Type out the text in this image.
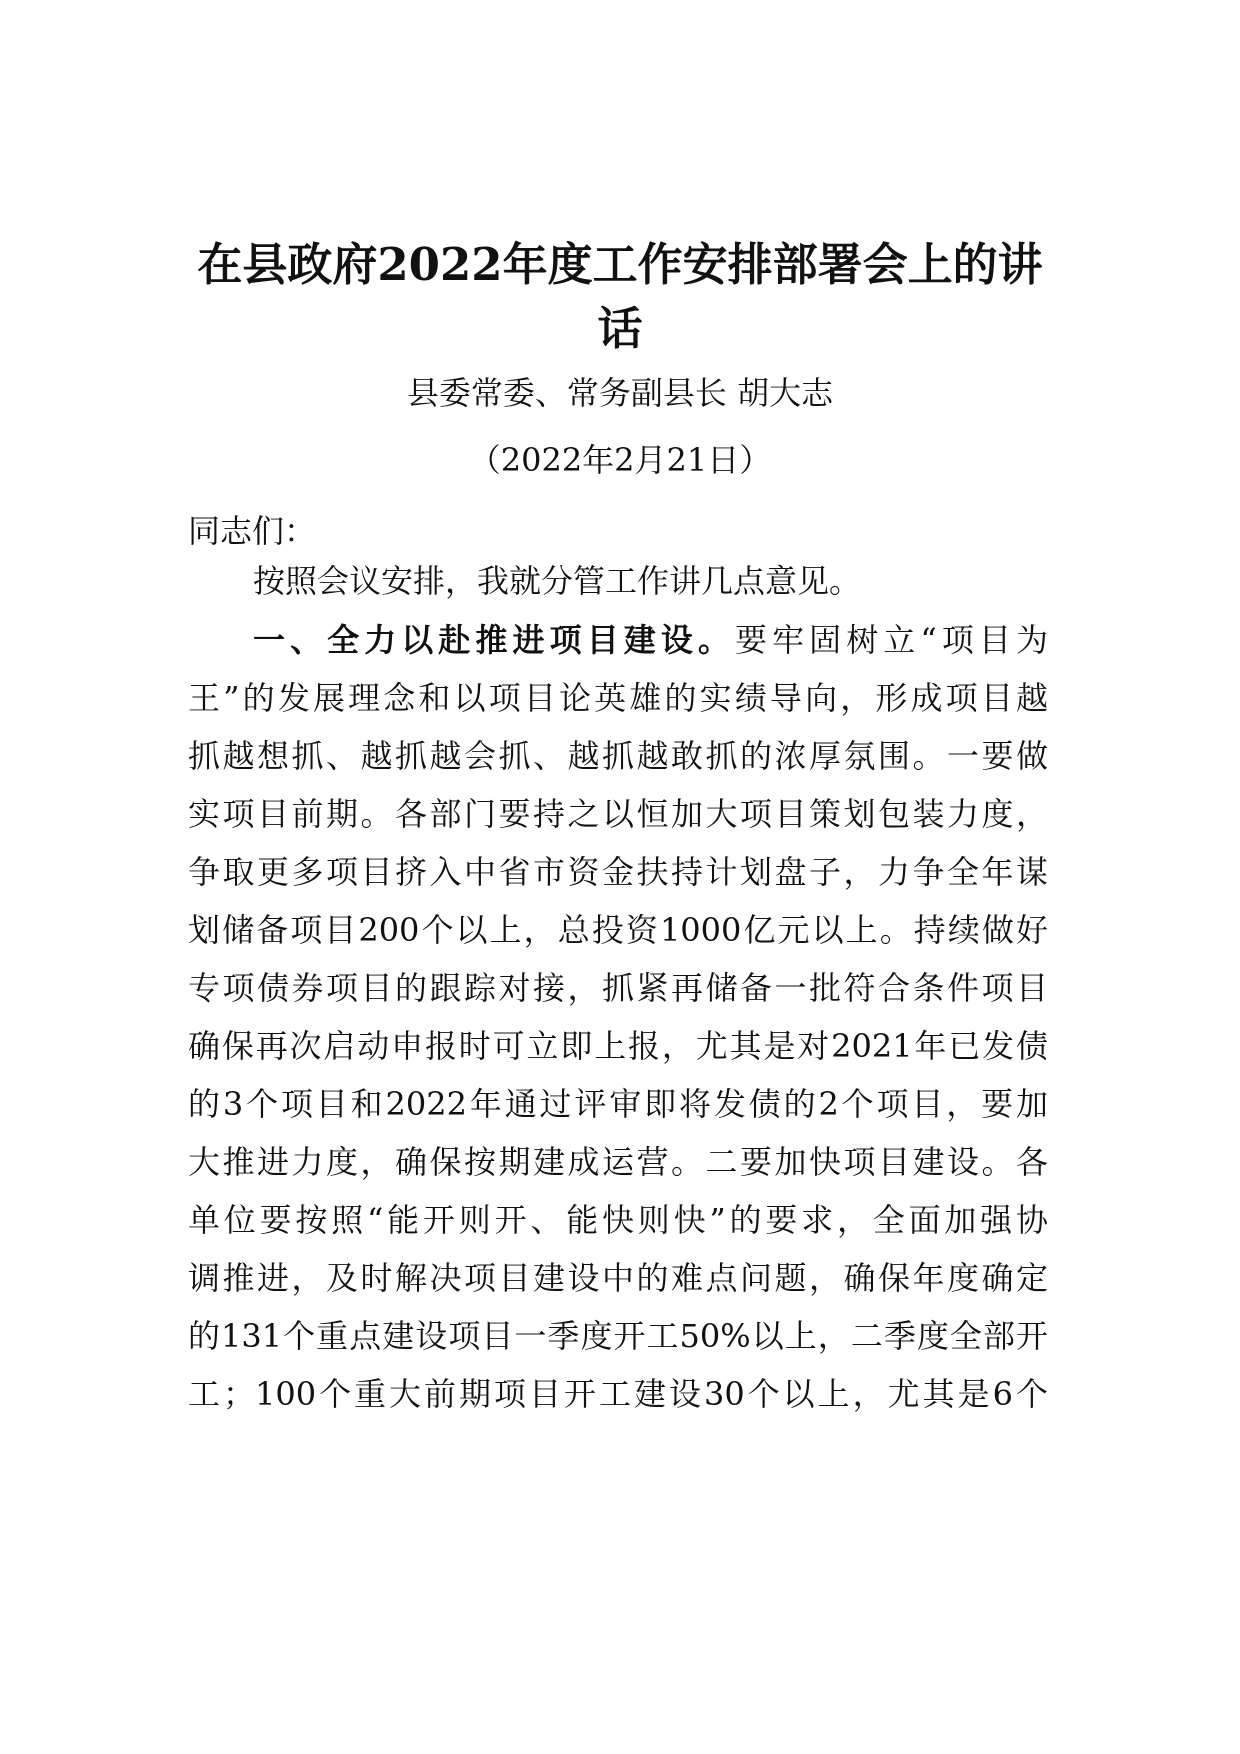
在县政府2022年度工作安排部署会上的讲
话
县委常委、常务副县长 胡大志
（2022年2月21日）
同志们：
按照会议安排，我就分管工作讲几点意见。
一、全力以赴推进项目建设。要牢固树立“项目为
王”的发展理念和以项目论英雄的实绩导向，形成项目越
抓越想抓、越抓越会抓、越抓越敢抓的浓厚氛围。一要做
实项目前期。各部门要持之以恒加大项目策划包装力度，
争取更多项目挤入中省市资金扶持计划盘子，力争全年谋
划储备项目200个以上，总投资1000亿元以上。持续做好
专项债券项目的跟踪对接，抓紧再储备一批符合条件项目
确保再次启动申报时可立即上报，尤其是对2021年已发债
的3个项目和2022年通过评审即将发债的2个项目，要加
大推进力度，确保按期建成运营。二要加快项目建设。各
单位要按照“能开则开、能快则快”的要求，全面加强协
调推进，及时解决项目建设中的难点问题，确保年度确定
的131个重点建设项目一季度开工50%以上，二季度全部开
工；100个重大前期项目开工建设30个以上，尤其是6个
